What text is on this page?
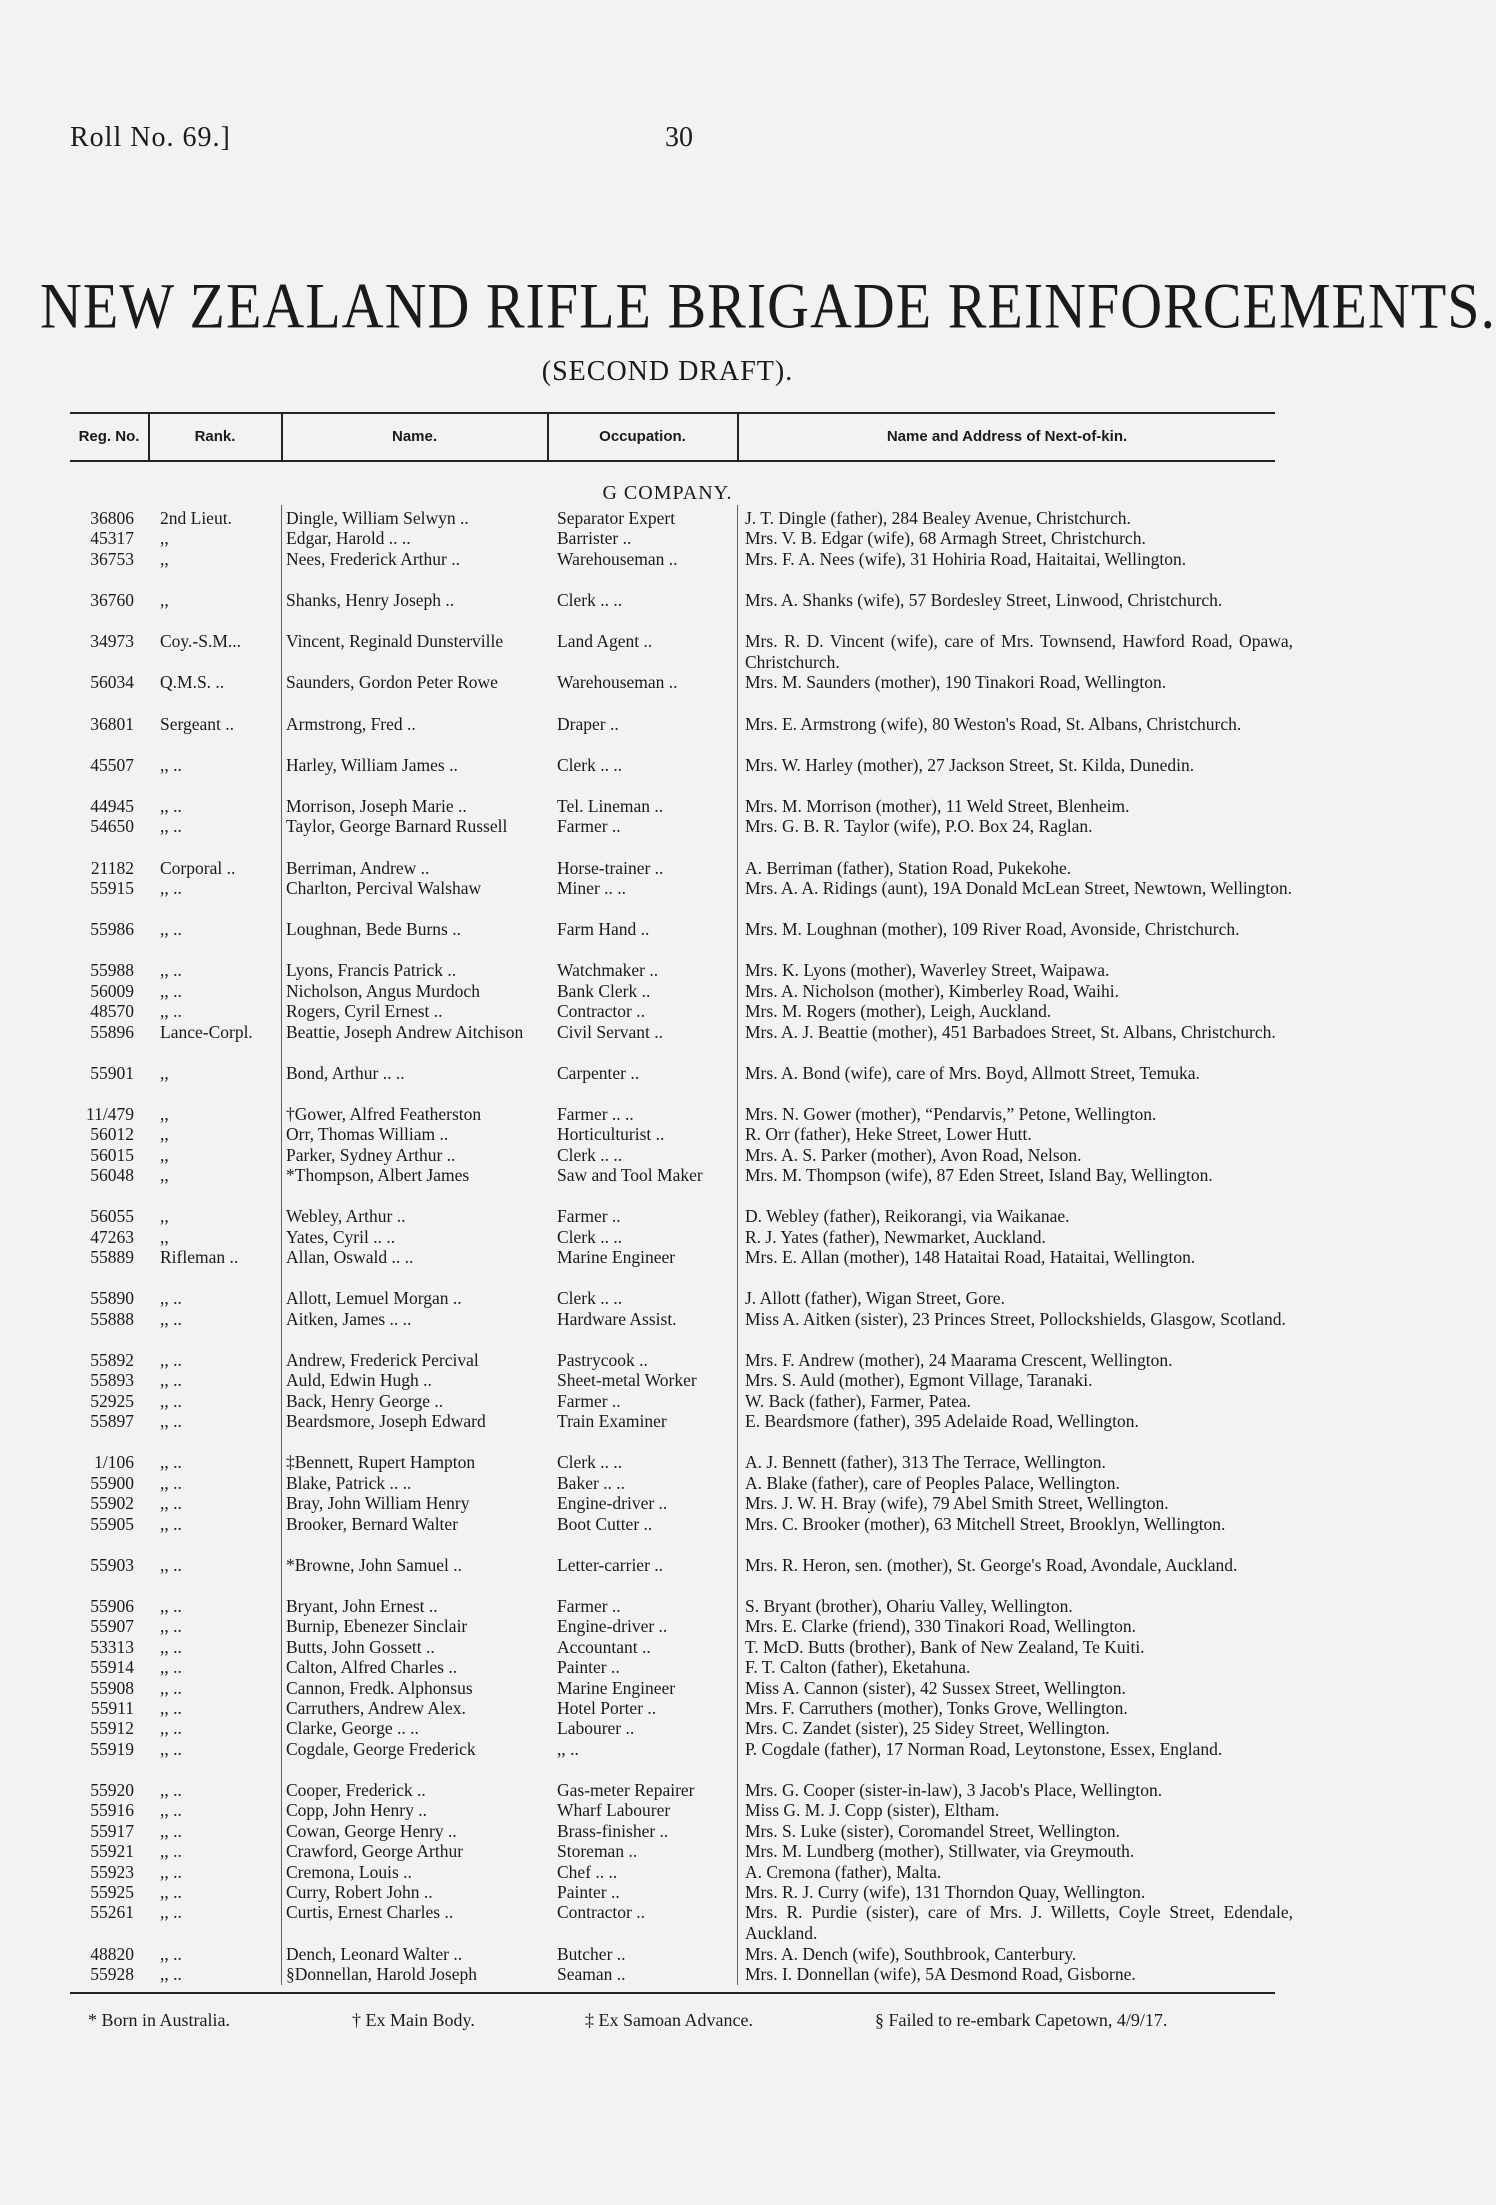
Roll No. 69.]	30
NEW ZEALAND RIFLE BRIGADE REINFORCEMENTS.
(SECOND DRAFT).
Reg. No.	Rank.	Name.	Occupation.	Name and Address of Next-of-kin.
G COMPANY.
36806 2nd Lieut.	Dingle, William Selwyn ..	Separator Expert	J. T. Dingle (father), 284 Bealey Avenue, Christchurch.
45317 ,,	Edgar, Harold .. ..	Barrister ..	Mrs. V. B. Edgar (wife), 68 Armagh Street, Christchurch.
36753 ,,	Nees, Frederick Arthur ..	Warehouseman ..	Mrs. F. A. Nees (wife), 31 Hohiria Road, Haitaitai, Wellington.
36760 ,,	Shanks, Henry Joseph ..	Clerk .. ..	Mrs. A. Shanks (wife), 57 Bordesley Street, Linwood, Christchurch.
34973 Coy.-S.M...	Vincent, Reginald Dunsterville	Land Agent ..	Mrs. R. D. Vincent (wife), care of Mrs. Townsend, Hawford Road, Opawa, Christchurch.
56034 Q.M.S. ..	Saunders, Gordon Peter Rowe	Warehouseman ..	Mrs. M. Saunders (mother), 190 Tinakori Road, Wellington.
36801 Sergeant ..	Armstrong, Fred ..	Draper ..	Mrs. E. Armstrong (wife), 80 Weston's Road, St. Albans, Christchurch.
45507 ,, ..	Harley, William James ..	Clerk .. ..	Mrs. W. Harley (mother), 27 Jackson Street, St. Kilda, Dunedin.
44945 ,, ..	Morrison, Joseph Marie ..	Tel. Lineman ..	Mrs. M. Morrison (mother), 11 Weld Street, Blenheim.
54650 ,, ..	Taylor, George Barnard Russell	Farmer ..	Mrs. G. B. R. Taylor (wife), P.O. Box 24, Raglan.
21182 Corporal ..	Berriman, Andrew ..	Horse-trainer ..	A. Berriman (father), Station Road, Pukekohe.
55915 ,, ..	Charlton, Percival Walshaw	Miner .. ..	Mrs. A. A. Ridings (aunt), 19A Donald McLean Street, Newtown, Wellington.
55986 ,, ..	Loughnan, Bede Burns ..	Farm Hand ..	Mrs. M. Loughnan (mother), 109 River Road, Avonside, Christchurch.
55988 ,, ..	Lyons, Francis Patrick ..	Watchmaker ..	Mrs. K. Lyons (mother), Waverley Street, Waipawa.
56009 ,, ..	Nicholson, Angus Murdoch	Bank Clerk ..	Mrs. A. Nicholson (mother), Kimberley Road, Waihi.
48570 ,, ..	Rogers, Cyril Ernest ..	Contractor ..	Mrs. M. Rogers (mother), Leigh, Auckland.
55896 Lance-Corpl.	Beattie, Joseph Andrew Aitchison	Civil Servant ..	Mrs. A. J. Beattie (mother), 451 Barbadoes Street, St. Albans, Christchurch.
55901 ,,	Bond, Arthur .. ..	Carpenter ..	Mrs. A. Bond (wife), care of Mrs. Boyd, Allmott Street, Temuka.
11/479 ,,	†Gower, Alfred Featherston	Farmer .. ..	Mrs. N. Gower (mother), “Pendarvis,” Petone, Wellington.
56012 ,,	Orr, Thomas William ..	Horticulturist ..	R. Orr (father), Heke Street, Lower Hutt.
56015 ,,	Parker, Sydney Arthur ..	Clerk .. ..	Mrs. A. S. Parker (mother), Avon Road, Nelson.
56048 ,,	*Thompson, Albert James	Saw and Tool Maker	Mrs. M. Thompson (wife), 87 Eden Street, Island Bay, Wellington.
56055 ,,	Webley, Arthur ..	Farmer ..	D. Webley (father), Reikorangi, via Waikanae.
47263 ,,	Yates, Cyril .. ..	Clerk .. ..	R. J. Yates (father), Newmarket, Auckland.
55889 Rifleman ..	Allan, Oswald .. ..	Marine Engineer	Mrs. E. Allan (mother), 148 Hataitai Road, Hataitai, Wellington.
55890 ,, ..	Allott, Lemuel Morgan ..	Clerk .. ..	J. Allott (father), Wigan Street, Gore.
55888 ,, ..	Aitken, James .. ..	Hardware Assist.	Miss A. Aitken (sister), 23 Princes Street, Pollockshields, Glasgow, Scotland.
55892 ,, ..	Andrew, Frederick Percival	Pastrycook ..	Mrs. F. Andrew (mother), 24 Maarama Crescent, Wellington.
55893 ,, ..	Auld, Edwin Hugh ..	Sheet-metal Worker	Mrs. S. Auld (mother), Egmont Village, Taranaki.
52925 ,, ..	Back, Henry George ..	Farmer ..	W. Back (father), Farmer, Patea.
55897 ,, ..	Beardsmore, Joseph Edward	Train Examiner	E. Beardsmore (father), 395 Adelaide Road, Wellington.
1/106 ,, ..	‡Bennett, Rupert Hampton	Clerk .. ..	A. J. Bennett (father), 313 The Terrace, Wellington.
55900 ,, ..	Blake, Patrick .. ..	Baker .. ..	A. Blake (father), care of Peoples Palace, Wellington.
55902 ,, ..	Bray, John William Henry	Engine-driver ..	Mrs. J. W. H. Bray (wife), 79 Abel Smith Street, Wellington.
55905 ,, ..	Brooker, Bernard Walter	Boot Cutter ..	Mrs. C. Brooker (mother), 63 Mitchell Street, Brooklyn, Wellington.
55903 ,, ..	*Browne, John Samuel ..	Letter-carrier ..	Mrs. R. Heron, sen. (mother), St. George's Road, Avondale, Auckland.
55906 ,, ..	Bryant, John Ernest ..	Farmer ..	S. Bryant (brother), Ohariu Valley, Wellington.
55907 ,, ..	Burnip, Ebenezer Sinclair	Engine-driver ..	Mrs. E. Clarke (friend), 330 Tinakori Road, Wellington.
53313 ,, ..	Butts, John Gossett ..	Accountant ..	T. McD. Butts (brother), Bank of New Zealand, Te Kuiti.
55914 ,, ..	Calton, Alfred Charles ..	Painter ..	F. T. Calton (father), Eketahuna.
55908 ,, ..	Cannon, Fredk. Alphonsus	Marine Engineer	Miss A. Cannon (sister), 42 Sussex Street, Wellington.
55911 ,, ..	Carruthers, Andrew Alex.	Hotel Porter ..	Mrs. F. Carruthers (mother), Tonks Grove, Wellington.
55912 ,, ..	Clarke, George .. ..	Labourer ..	Mrs. C. Zandet (sister), 25 Sidey Street, Wellington.
55919 ,, ..	Cogdale, George Frederick	,, ..	P. Cogdale (father), 17 Norman Road, Leytonstone, Essex, England.
55920 ,, ..	Cooper, Frederick ..	Gas-meter Repairer	Mrs. G. Cooper (sister-in-law), 3 Jacob's Place, Wellington.
55916 ,, ..	Copp, John Henry ..	Wharf Labourer	Miss G. M. J. Copp (sister), Eltham.
55917 ,, ..	Cowan, George Henry ..	Brass-finisher ..	Mrs. S. Luke (sister), Coromandel Street, Wellington.
55921 ,, ..	Crawford, George Arthur	Storeman ..	Mrs. M. Lundberg (mother), Stillwater, via Greymouth.
55923 ,, ..	Cremona, Louis ..	Chef .. ..	A. Cremona (father), Malta.
55925 ,, ..	Curry, Robert John ..	Painter ..	Mrs. R. J. Curry (wife), 131 Thorndon Quay, Wellington.
55261 ,, ..	Curtis, Ernest Charles ..	Contractor ..	Mrs. R. Purdie (sister), care of Mrs. J. Willetts, Coyle Street, Edendale, Auckland.
48820 ,, ..	Dench, Leonard Walter ..	Butcher ..	Mrs. A. Dench (wife), Southbrook, Canterbury.
55928 ,, ..	§Donnellan, Harold Joseph	Seaman ..	Mrs. I. Donnellan (wife), 5A Desmond Road, Gisborne.
* Born in Australia.	† Ex Main Body.	‡ Ex Samoan Advance.	§ Failed to re-embark Capetown, 4/9/17.
